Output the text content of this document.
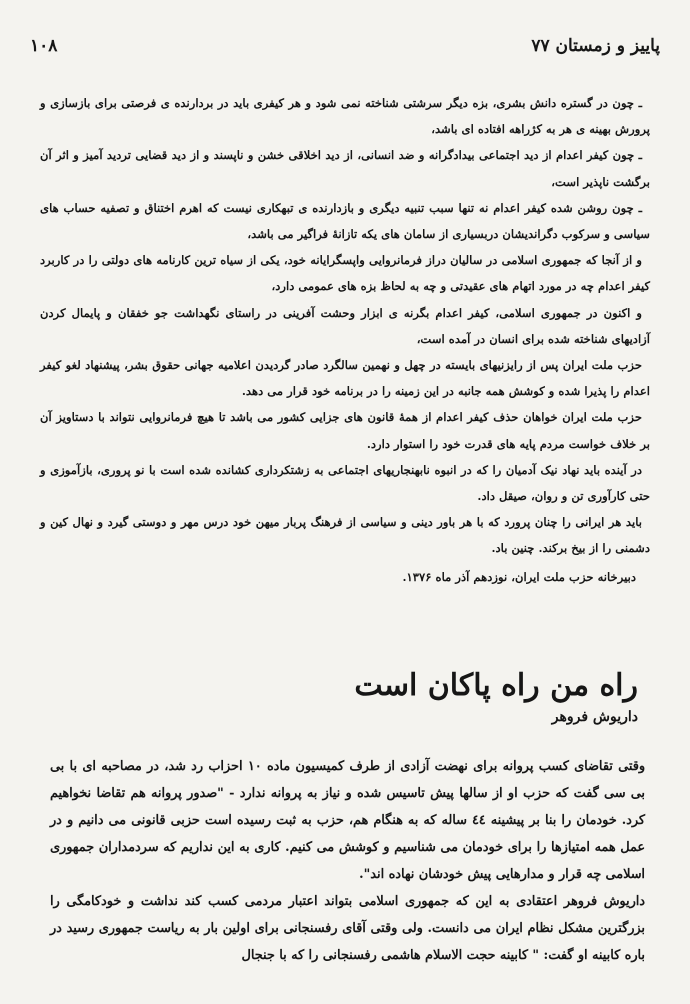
۱۰۸	پاییز و زمستان ۷۷

ـ چون در گستره دانش بشری، بزه دیگر سرشتی شناخته نمی شود و هر کیفری باید در بردارنده ی فرصتی برای بازسازی و پرورش بهینه ی هر به کژراهه افتاده ای باشد،

ـ چون کیفر اعدام از دید اجتماعی بیدادگرانه و ضد انسانی، از دید اخلاقی خشن و ناپسند و از دید قضایی تردید آمیز و اثر آن برگشت ناپذیر است،

ـ چون روشن شده کیفر اعدام نه تنها سبب تنبیه دیگری و بازدارنده ی تبهکاری نیست که اهرم اختناق و تصفیه حساب های سیاسی و سرکوب دگراندیشان دربسیاری از سامان های یکه تازانهٔ فراگیر می باشد،

و از آنجا که جمهوری اسلامی در سالیان دراز فرمانروایی واپسگرایانه خود، یکی از سیاه ترین کارنامه های دولتی را در کاربرد کیفر اعدام چه در مورد اتهام های عقیدتی و چه به لحاظ بزه های عمومی دارد،

و اکنون در جمهوری اسلامی، کیفر اعدام بگرنه ی ابزار وحشت آفرینی در راستای نگهداشت جو خفقان و پایمال کردن آزادیهای شناخته شده برای انسان در آمده است،

حزب ملت ایران پس از رایزنیهای بایسته در چهل و نهمین سالگرد صادر گردیدن اعلامیه جهانی حقوق بشر، پیشنهاد لغو کیفر اعدام را پذیرا شده و کوشش همه جانبه در این زمینه را در برنامه خود قرار می دهد.

حزب ملت ایران خواهان حذف کیفر اعدام از همهٔ قانون های جزایی کشور می باشد تا هیچ فرمانروایی نتواند با دستاویز آن بر خلاف خواست مردم پایه های قدرت خود را استوار دارد.

در آینده باید نهاد نیک آدمیان را که در انبوه نابهنجاریهای اجتماعی به زشتکرداری کشانده شده است با نو پروری، بازآموزی و حتی کارآوری تن و روان، صیقل داد.

باید هر ایرانی را چنان پرورد که با هر باور دینی و سیاسی از فرهنگ پربار میهن خود درس مهر و دوستی گیرد و نهال کین و دشمنی را از بیخ برکند. چنین باد.

دبیرخانه حزب ملت ایران، نوزدهم آذر ماه ۱۳۷۶.

راه من راه پاکان است
داریوش فروهر

وقتی تقاضای کسب پروانه برای نهضت آزادی از طرف کمیسیون ماده ۱۰ احزاب رد شد، در مصاحبه ای با بی بی سی گفت که حزب او از سالها پیش تاسیس شده و نیاز به پروانه ندارد - "صدور پروانه هم تقاضا نخواهیم کرد. خودمان را بنا بر پیشینه ٤٤ ساله که به هنگام هم، حزب به ثبت رسیده است حزبی قانونی می دانیم و در عمل همه امتیازها را برای خودمان می شناسیم و کوشش می کنیم. کاری به این نداریم که سردمداران جمهوری اسلامی چه قرار و مدارهایی پیش خودشان نهاده اند".

داریوش فروهر اعتقادی به این که جمهوری اسلامی بتواند اعتبار مردمی کسب کند نداشت و خودکامگی را بزرگترین مشکل نظام ایران می دانست. ولی وقتی آقای رفسنجانی برای اولین بار به ریاست جمهوری رسید در باره کابینه او گفت: " کابینه حجت الاسلام هاشمی رفسنجانی را که با جنجال
